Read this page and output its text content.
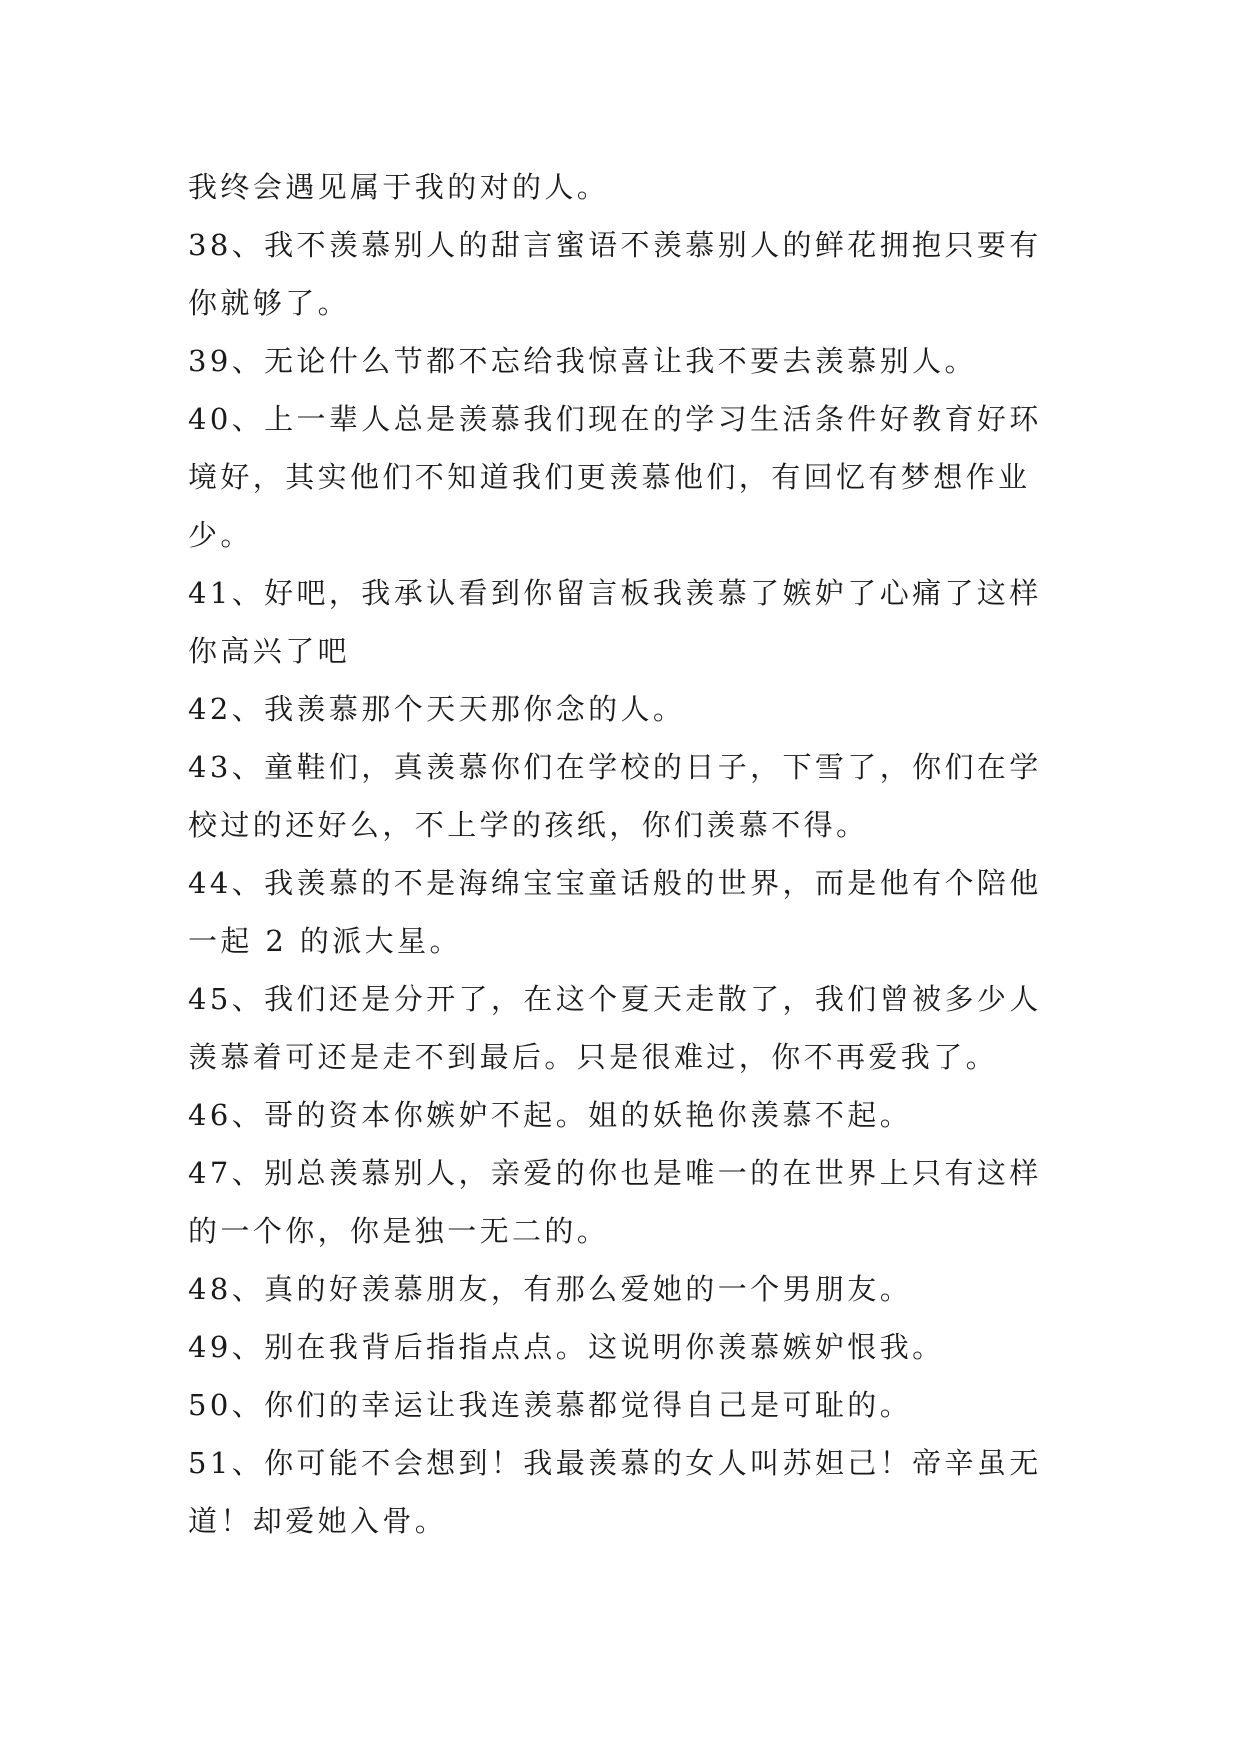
我终会遇见属于我的对的人。
38、我不羡慕别人的甜言蜜语不羡慕别人的鲜花拥抱只要有
你就够了。
39、无论什么节都不忘给我惊喜让我不要去羡慕别人。
40、上一辈人总是羡慕我们现在的学习生活条件好教育好环
境好，其实他们不知道我们更羡慕他们，有回忆有梦想作业
少。
41、好吧，我承认看到你留言板我羡慕了嫉妒了心痛了这样
你高兴了吧
42、我羡慕那个天天那你念的人。
43、童鞋们，真羡慕你们在学校的日子，下雪了，你们在学
校过的还好么，不上学的孩纸，你们羡慕不得。
44、我羡慕的不是海绵宝宝童话般的世界，而是他有个陪他
一起 2 的派大星。
45、我们还是分开了，在这个夏天走散了，我们曾被多少人
羡慕着可还是走不到最后。只是很难过，你不再爱我了。
46、哥的资本你嫉妒不起。姐的妖艳你羡慕不起。
47、别总羡慕别人，亲爱的你也是唯一的在世界上只有这样
的一个你，你是独一无二的。
48、真的好羡慕朋友，有那么爱她的一个男朋友。
49、别在我背后指指点点。这说明你羡慕嫉妒恨我。
50、你们的幸运让我连羡慕都觉得自己是可耻的。
51、你可能不会想到！我最羡慕的女人叫苏妲己！帝辛虽无
道！却爱她入骨。
